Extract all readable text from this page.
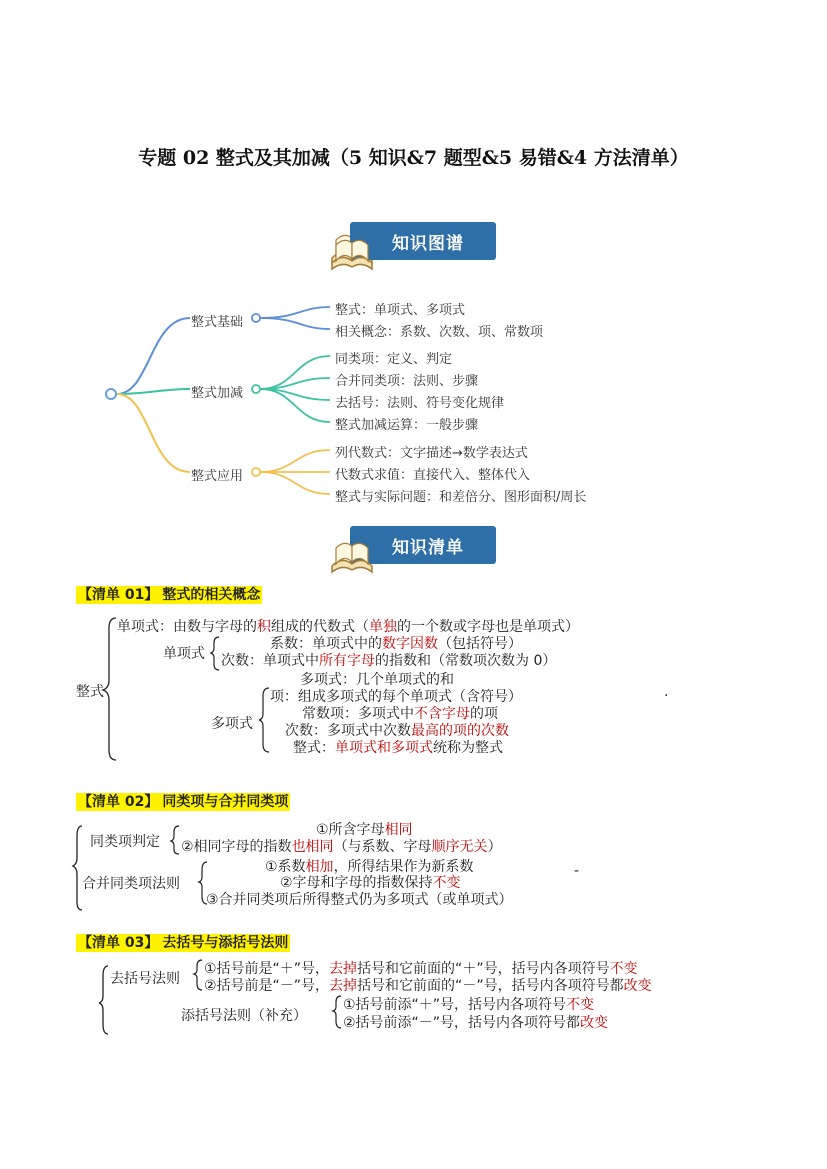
专题 02 整式及其加减（5 知识&7 题型&5 易错&4 方法清单）
知识图谱
整式基础
整式加减
整式应用
整式：单项式、多项式
相关概念：系数、次数、项、常数项
同类项：定义、判定
合并同类项：法则、步骤
去括号：法则、符号变化规律
整式加减运算：一般步骤
列代数式：文字描述→数学表达式
代数式求值：直接代入、整体代入
整式与实际问题：和差倍分、图形面积/周长
知识清单
【清单 01】 整式的相关概念
整式
单项式：由数与字母的积组成的代数式（单独的一个数或字母也是单项式）
单项式
系数：单项式中的数字因数（包括符号）
次数：单项式中所有字母的指数和（常数项次数为 0）
多项式：几个单项式的和
多项式
项：组成多项式的每个单项式（含符号）
常数项：多项式中不含字母的项
次数：多项式中次数最高的项的次数
整式：单项式和多项式统称为整式
.
【清单 02】 同类项与合并同类项
同类项判定
①所含字母相同
②相同字母的指数也相同（与系数、字母顺序无关）
合并同类项法则
①系数相加，所得结果作为新系数
②字母和字母的指数保持不变
③合并同类项后所得整式仍为多项式（或单项式）
-
【清单 03】 去括号与添括号法则
去括号法则
①括号前是“＋”号，去掉括号和它前面的“＋”号，括号内各项符号不变
②括号前是“－”号，去掉括号和它前面的“－”号，括号内各项符号都改变
添括号法则（补充）
①括号前添“＋”号，括号内各项符号不变
②括号前添“－”号，括号内各项符号都改变
